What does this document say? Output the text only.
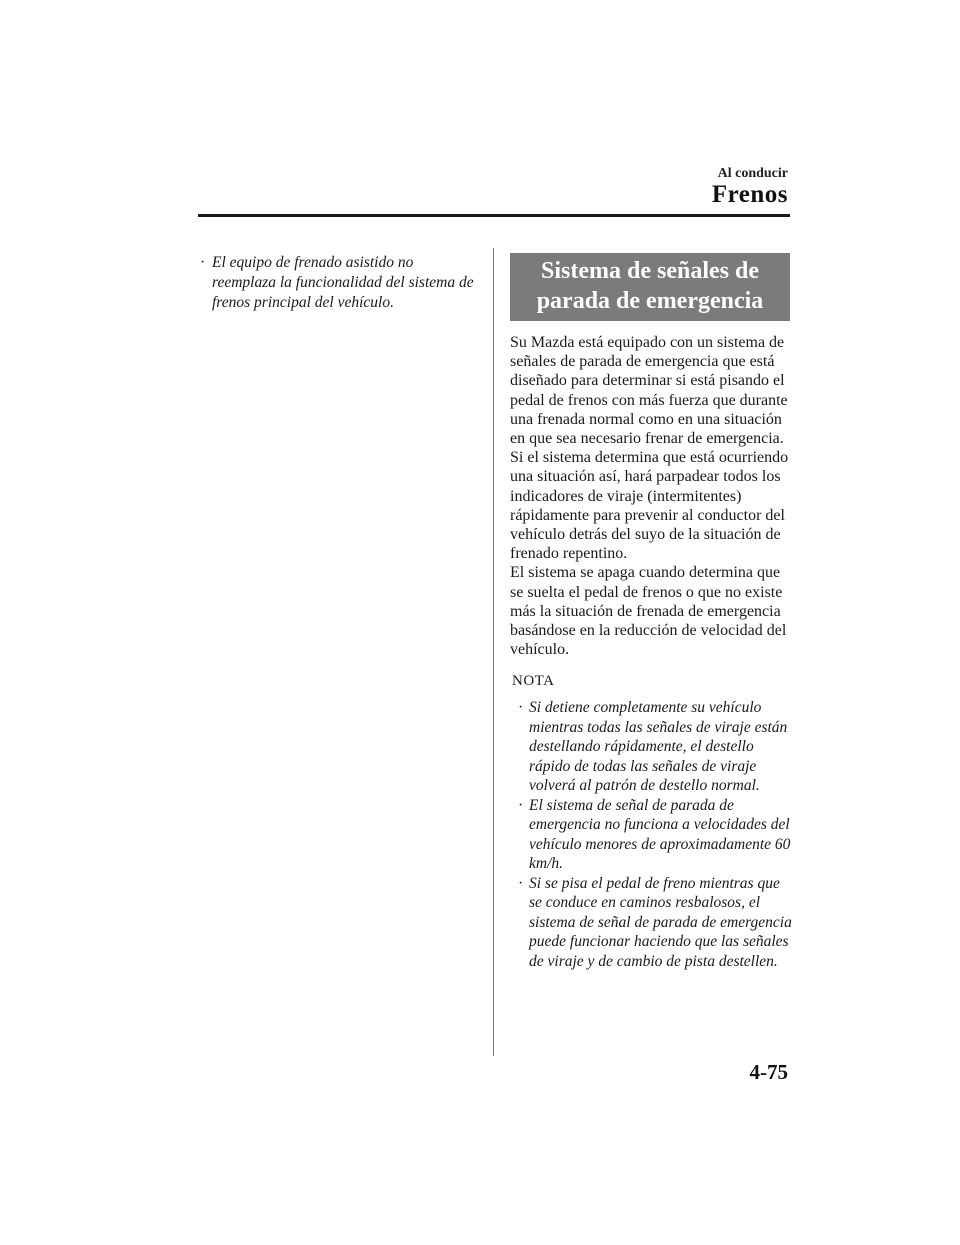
Al conducir
Frenos
· El equipo de frenado asistido no reemplaza la funcionalidad del sistema de frenos principal del vehículo.
Sistema de señales de
parada de emergencia

Su Mazda está equipado con un sistema de señales de parada de emergencia que está diseñado para determinar si está pisando el pedal de frenos con más fuerza que durante una frenada normal como en una situación en que sea necesario frenar de emergencia. Si el sistema determina que está ocurriendo una situación así, hará parpadear todos los indicadores de viraje (intermitentes) rápidamente para prevenir al conductor del vehículo detrás del suyo de la situación de frenado repentino.

El sistema se apaga cuando determina que se suelta el pedal de frenos o que no existe más la situación de frenada de emergencia basándose en la reducción de velocidad del vehículo.

NOTA
· Si detiene completamente su vehículo mientras todas las señales de viraje están destellando rápidamente, el destello rápido de todas las señales de viraje volverá al patrón de destello normal.
· El sistema de señal de parada de emergencia no funciona a velocidades del vehículo menores de aproximadamente 60 km/h.
· Si se pisa el pedal de freno mientras que se conduce en caminos resbalosos, el sistema de señal de parada de emergencia puede funcionar haciendo que las señales de viraje y de cambio de pista destellen.
4-75
